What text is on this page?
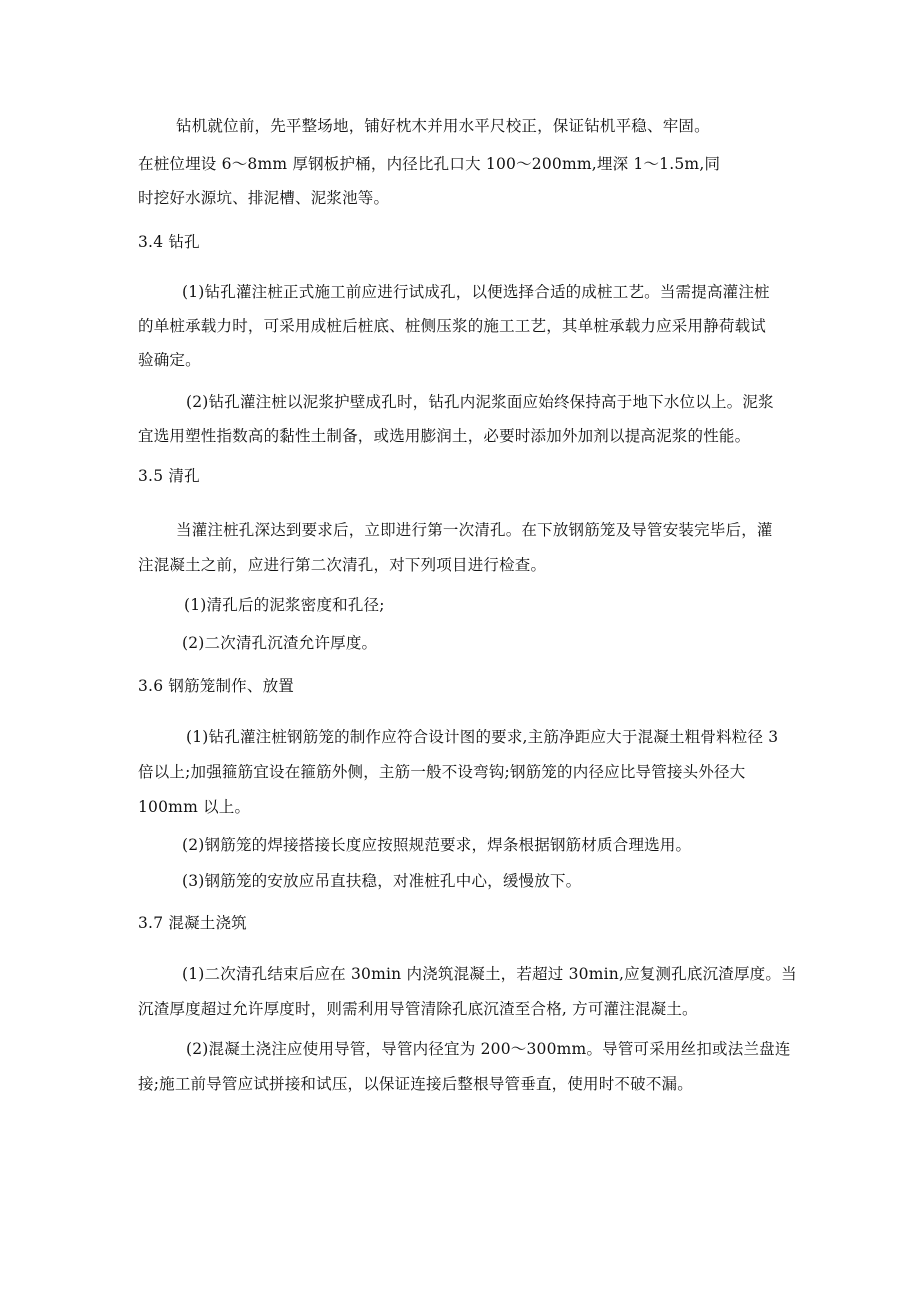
钻机就位前，先平整场地，铺好枕木并用水平尺校正，保证钻机平稳、牢固。
在桩位埋设 6～8mm 厚钢板护桶，内径比孔口大 100～200mm,埋深 1～1.5m,同
时挖好水源坑、排泥槽、泥浆池等。
3.4 钻孔
(1)钻孔灌注桩正式施工前应进行试成孔，以便选择合适的成桩工艺。当需提高灌注桩
的单桩承载力时，可采用成桩后桩底、桩侧压浆的施工工艺，其单桩承载力应采用静荷载试
验确定。
(2)钻孔灌注桩以泥浆护壁成孔时，钻孔内泥浆面应始终保持高于地下水位以上。泥浆
宜选用塑性指数高的黏性土制备，或选用膨润土，必要时添加外加剂以提高泥浆的性能。
3.5 清孔
当灌注桩孔深达到要求后，立即进行第一次清孔。在下放钢筋笼及导管安装完毕后，灌
注混凝土之前，应进行第二次清孔，对下列项目进行检查。
(1)清孔后的泥浆密度和孔径;
(2)二次清孔沉渣允许厚度。
3.6 钢筋笼制作、放置
(1)钻孔灌注桩钢筋笼的制作应符合设计图的要求,主筋净距应大于混凝土粗骨料粒径 3
倍以上;加强箍筋宜设在箍筋外侧，主筋一般不设弯钩;钢筋笼的内径应比导管接头外径大
100mm 以上。
(2)钢筋笼的焊接搭接长度应按照规范要求，焊条根据钢筋材质合理选用。
(3)钢筋笼的安放应吊直扶稳，对准桩孔中心，缓慢放下。
3.7 混凝土浇筑
(1)二次清孔结束后应在 30min 内浇筑混凝土，若超过 30min,应复测孔底沉渣厚度。当
沉渣厚度超过允许厚度时，则需利用导管清除孔底沉渣至合格, 方可灌注混凝土。
(2)混凝土浇注应使用导管，导管内径宜为 200～300mm。导管可采用丝扣或法兰盘连
接;施工前导管应试拼接和试压，以保证连接后整根导管垂直，使用时不破不漏。
